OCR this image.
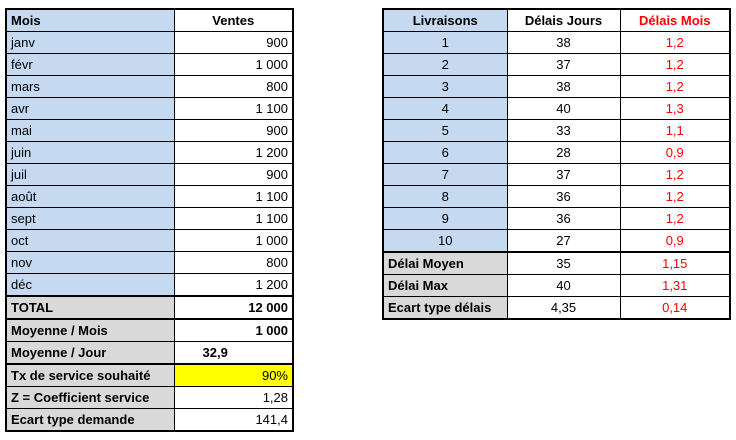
Mois	Ventes
janv	900
févr	1 000
mars	800
avr	1 100
mai	900
juin	1 200
juil	900
août	1 100
sept	1 100
oct	1 000
nov	800
déc	1 200
TOTAL	12 000
Moyenne / Mois	1 000
Moyenne / Jour	32,9
Tx de service souhaité	90%
Z = Coefficient service	1,28
Ecart type demande	141,4
Livraisons	Délais Jours	Délais Mois
1	38	1,2
2	37	1,2
3	38	1,2
4	40	1,3
5	33	1,1
6	28	0,9
7	37	1,2
8	36	1,2
9	36	1,2
10	27	0,9
Délai Moyen	35	1,15
Délai Max	40	1,31
Ecart type délais	4,35	0,14
